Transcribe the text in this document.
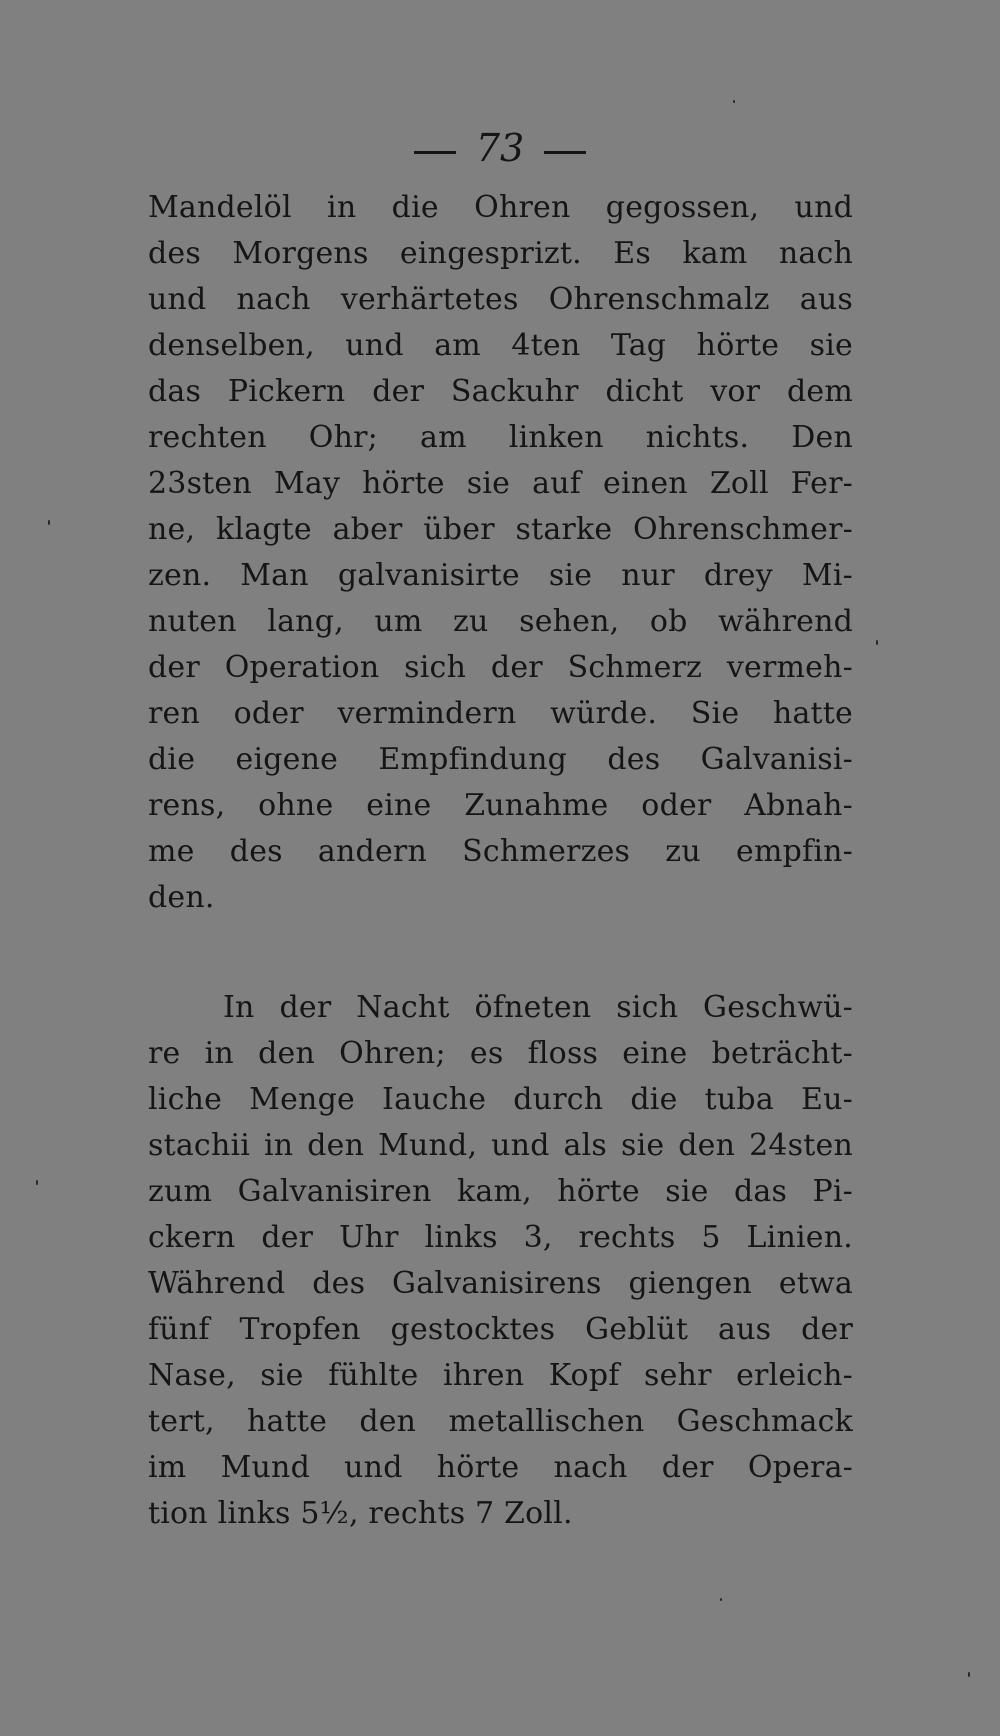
73
Mandelöl in die Ohren gegossen, und
des Morgens eingesprizt. Es kam nach
und nach verhärtetes Ohrenschmalz aus
denselben, und am 4ten Tag hörte sie
das Pickern der Sackuhr dicht vor dem
rechten Ohr; am linken nichts. Den
23sten May hörte sie auf einen Zoll Fer-
ne, klagte aber über starke Ohrenschmer-
zen. Man galvanisirte sie nur drey Mi-
nuten lang, um zu sehen, ob während
der Operation sich der Schmerz vermeh-
ren oder vermindern würde. Sie hatte
die eigene Empfindung des Galvanisi-
rens, ohne eine Zunahme oder Abnah-
me des andern Schmerzes zu empfin-
den.
In der Nacht öfneten sich Geschwü-
re in den Ohren; es floss eine beträcht-
liche Menge Iauche durch die tuba Eu-
stachii in den Mund, und als sie den 24sten
zum Galvanisiren kam, hörte sie das Pi-
ckern der Uhr links 3, rechts 5 Linien.
Während des Galvanisirens giengen etwa
fünf Tropfen gestocktes Geblüt aus der
Nase, sie fühlte ihren Kopf sehr erleich-
tert, hatte den metallischen Geschmack
im Mund und hörte nach der Opera-
tion links 5½, rechts 7 Zoll.
